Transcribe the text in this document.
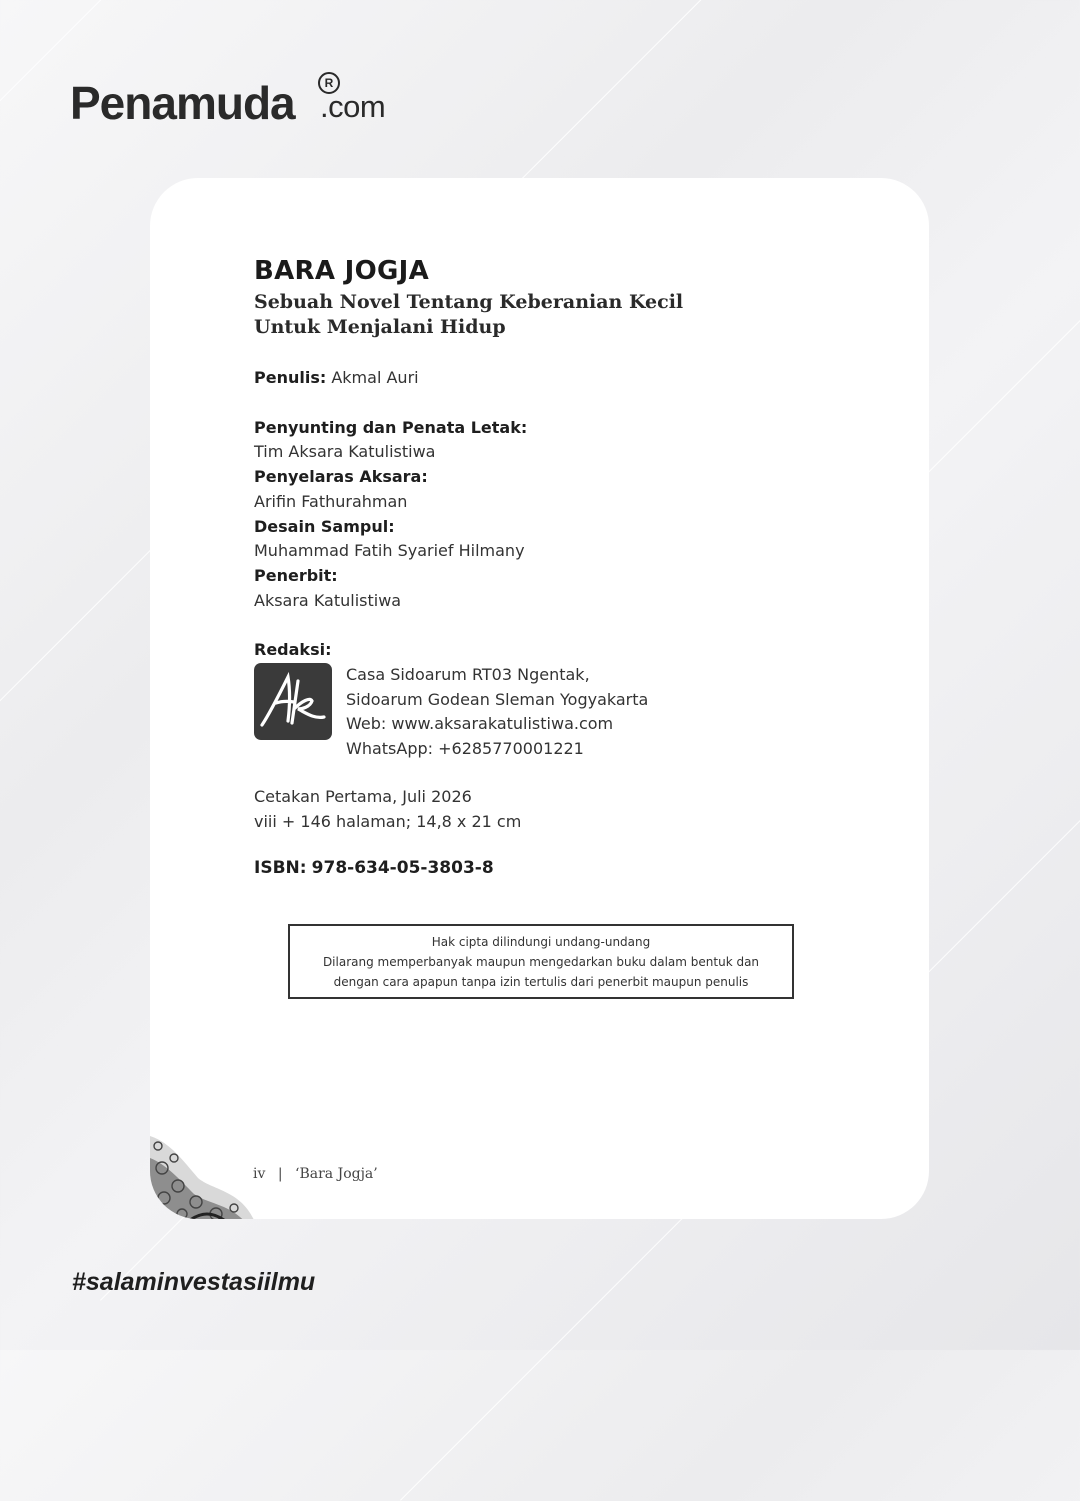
Penamuda	R
.com
BARA JOGJA
Sebuah Novel Tentang Keberanian Kecil
Untuk Menjalani Hidup
Penulis: Akmal Auri
Penyunting dan Penata Letak:
Tim Aksara Katulistiwa
Penyelaras Aksara:
Arifin Fathurahman
Desain Sampul:
Muhammad Fatih Syarief Hilmany
Penerbit:
Aksara Katulistiwa
Redaksi:
Ak
Casa Sidoarum RT03 Ngentak,
Sidoarum Godean Sleman Yogyakarta
Web: www.aksarakatulistiwa.com
WhatsApp: +6285770001221
Cetakan Pertama, Juli 2026
viii + 146 halaman; 14,8 x 21 cm
ISBN: 978-634-05-3803-8
Hak cipta dilindungi undang-undang
Dilarang memperbanyak maupun mengedarkan buku dalam bentuk dan
dengan cara apapun tanpa izin tertulis dari penerbit maupun penulis
iv | ‘Bara Jogja’
#salaminvestasiilmu
